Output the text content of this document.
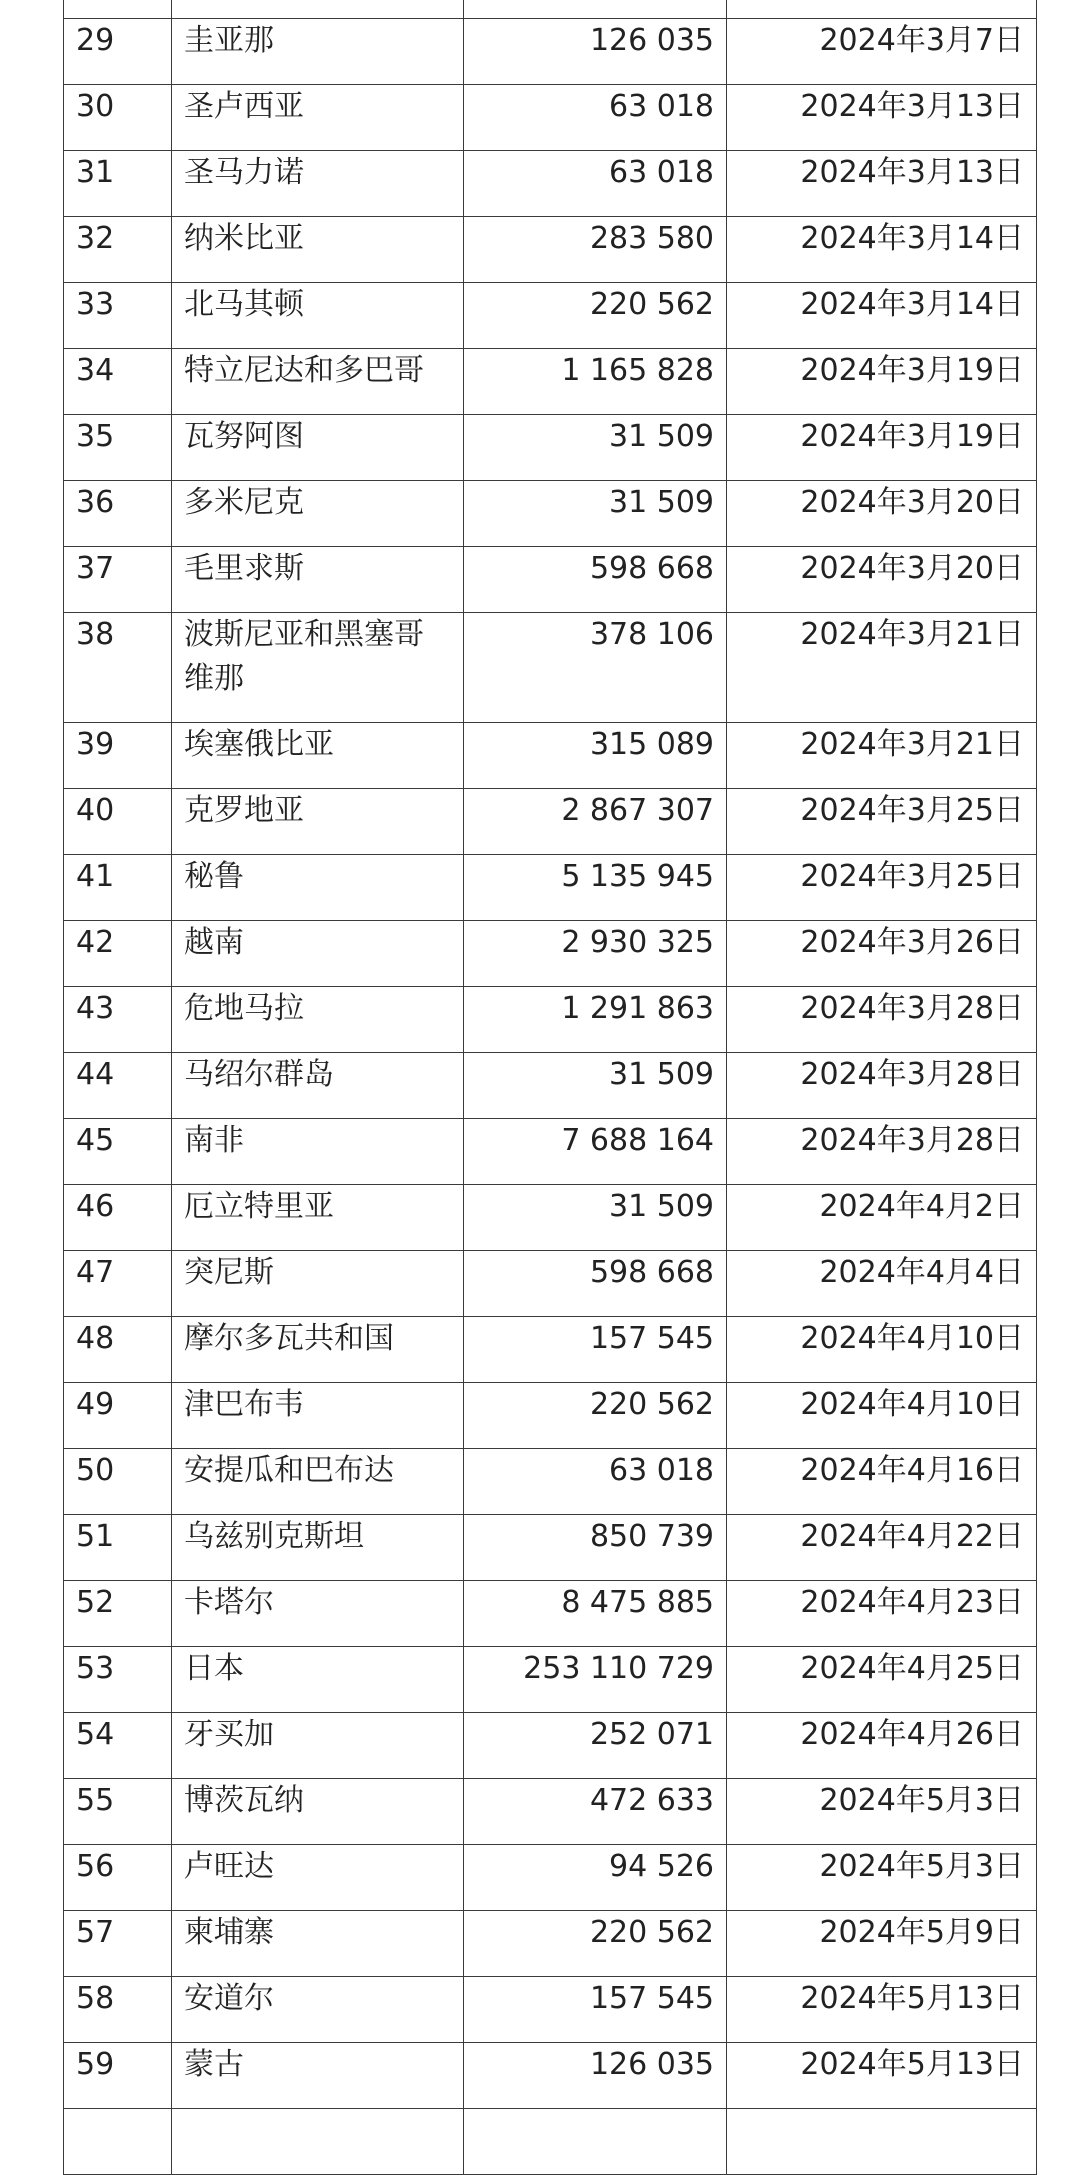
29	圭亚那	126 035	2024年3月7日
30	圣卢西亚	63 018	2024年3月13日
31	圣马力诺	63 018	2024年3月13日
32	纳米比亚	283 580	2024年3月14日
33	北马其顿	220 562	2024年3月14日
34	特立尼达和多巴哥	1 165 828	2024年3月19日
35	瓦努阿图	31 509	2024年3月19日
36	多米尼克	31 509	2024年3月20日
37	毛里求斯	598 668	2024年3月20日
38	波斯尼亚和黑塞哥维那	378 106	2024年3月21日
39	埃塞俄比亚	315 089	2024年3月21日
40	克罗地亚	2 867 307	2024年3月25日
41	秘鲁	5 135 945	2024年3月25日
42	越南	2 930 325	2024年3月26日
43	危地马拉	1 291 863	2024年3月28日
44	马绍尔群岛	31 509	2024年3月28日
45	南非	7 688 164	2024年3月28日
46	厄立特里亚	31 509	2024年4月2日
47	突尼斯	598 668	2024年4月4日
48	摩尔多瓦共和国	157 545	2024年4月10日
49	津巴布韦	220 562	2024年4月10日
50	安提瓜和巴布达	63 018	2024年4月16日
51	乌兹别克斯坦	850 739	2024年4月22日
52	卡塔尔	8 475 885	2024年4月23日
53	日本	253 110 729	2024年4月25日
54	牙买加	252 071	2024年4月26日
55	博茨瓦纳	472 633	2024年5月3日
56	卢旺达	94 526	2024年5月3日
57	柬埔寨	220 562	2024年5月9日
58	安道尔	157 545	2024年5月13日
59	蒙古	126 035	2024年5月13日
